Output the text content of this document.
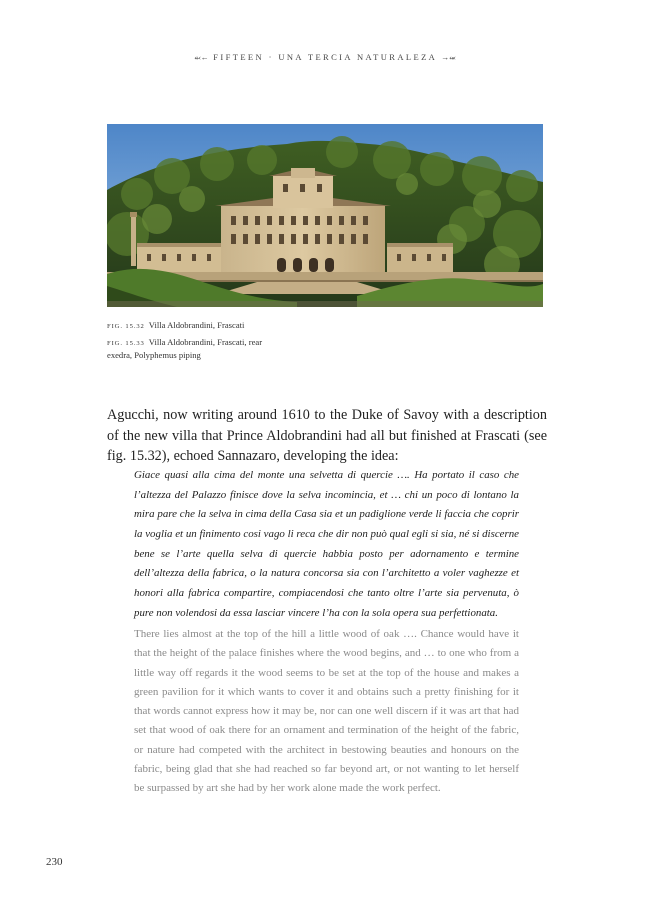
⬻← FIFTEEN · UNA TERCIA NATURALEZA →⬺
FIG. 15.32 Villa Aldobrandini, Frascati
FIG. 15.33 Villa Aldobrandini, Frascati, rear exedra, Polyphemus piping

Agucchi, now writing around 1610 to the Duke of Savoy with a description of the new villa that Prince Aldobrandini had all but finished at Frascati (see fig. 15.32), echoed Sannazaro, developing the idea:

Giace quasi alla cima del monte una selvetta di quercie …. Ha portato il caso che l’altezza del Palazzo finisce dove la selva incomincia, et … chi un poco di lontano la mira pare che la selva in cima della Casa sia et un padiglione verde li faccia che coprir la voglia et un finimento cosi vago li reca che dir non può qual egli si sia, né si discerne bene se l’arte quella selva di quercie habbia posto per adornamento e termine dell’altezza della fabrica, o la natura concorsa sia con l’architetto a voler vaghezze et honori alla fabrica compartire, compiacendosi che tanto oltre l’arte sia pervenuta, ò pure non volendosi da essa lasciar vincere l’ha con la sola opera sua perfettionata.

There lies almost at the top of the hill a little wood of oak …. Chance would have it that the height of the palace finishes where the wood begins, and … to one who from a little way off regards it the wood seems to be set at the top of the house and makes a green pavilion for it which wants to cover it and obtains such a pretty finishing for it that words cannot express how it may be, nor can one well discern if it was art that had set that wood of oak there for an ornament and termination of the height of the fabric, or nature had competed with the architect in bestowing beauties and honours on the fabric, being glad that she had reached so far beyond art, or not wanting to let herself be surpassed by art she had by her work alone made the work perfect.

230
